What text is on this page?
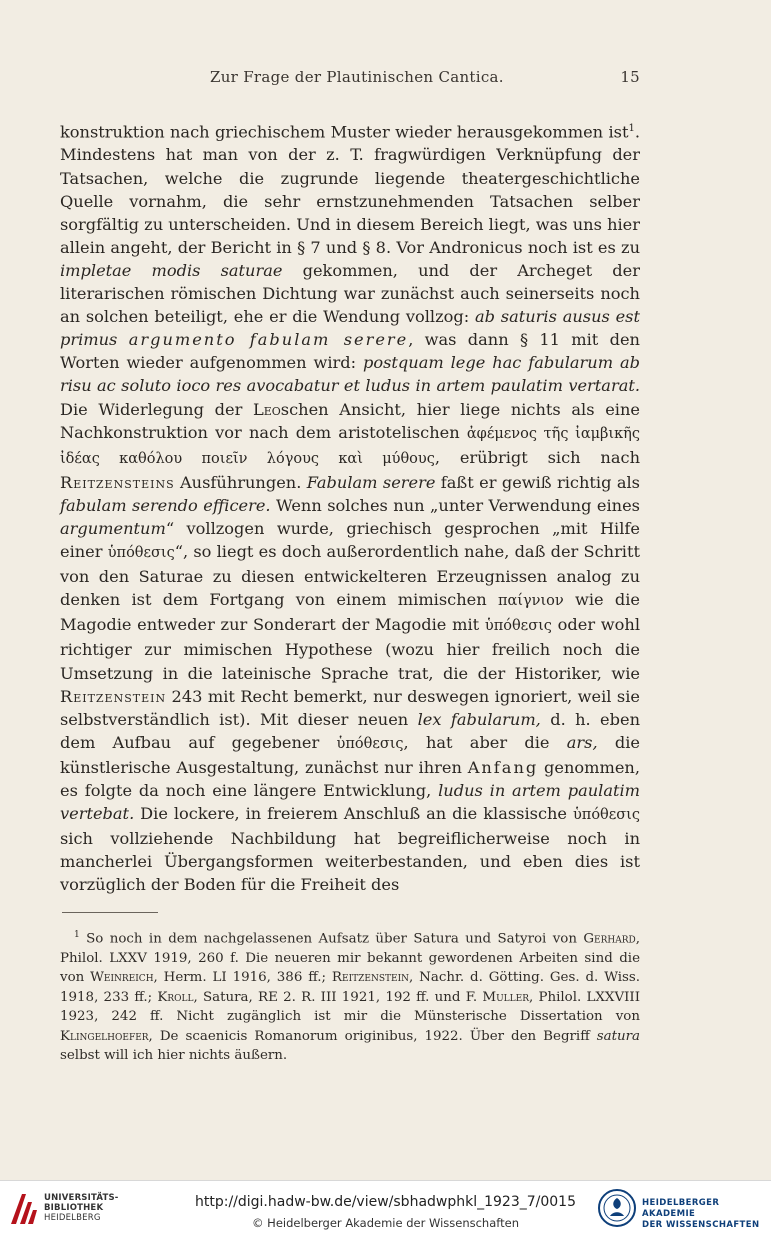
Zur Frage der Plautinischen Cantica.	15

konstruktion nach griechischem Muster wieder herausgekommen ist$^1$. Mindestens hat man von der z. T. fragwürdigen Verknüpfung der Tatsachen, welche die zugrunde liegende theatergeschichtliche Quelle vornahm, die sehr ernstzunehmenden Tatsachen selber sorgfältig zu unterscheiden. Und in diesem Bereich liegt, was uns hier allein angeht, der Bericht in § 7 und § 8. Vor Andronicus noch ist es zu impletae modis saturae gekommen, und der Archeget der literarischen römischen Dichtung war zunächst auch seinerseits noch an solchen beteiligt, ehe er die Wendung vollzog: ab saturis ausus est primus argumento fabulam serere, was dann § 11 mit den Worten wieder aufgenommen wird: postquam lege hac fabularum ab risu ac soluto ioco res avocabatur et ludus in artem paulatim vertarat. Die Widerlegung der Leoschen Ansicht, hier liege nichts als eine Nachkonstruktion vor nach dem aristotelischen ἀφέμενος τῆς ἰαμβικῆς ἰδέας καθόλου ποιεῖν λόγους καὶ μύθους, erübrigt sich nach Reitzensteins Ausführungen. Fabulam serere faßt er gewiß richtig als fabulam serendo efficere. Wenn solches nun „unter Verwendung eines argumentum“ vollzogen wurde, griechisch gesprochen „mit Hilfe einer ὑπόθεσις“, so liegt es doch außerordentlich nahe, daß der Schritt von den Saturae zu diesen entwickelteren Erzeugnissen analog zu denken ist dem Fortgang von einem mimischen παίγνιον wie die Magodie entweder zur Sonderart der Magodie mit ὑπόθεσις oder wohl richtiger zur mimischen Hypothese (wozu hier freilich noch die Umsetzung in die lateinische Sprache trat, die der Historiker, wie Reitzenstein 243 mit Recht bemerkt, nur deswegen ignoriert, weil sie selbstverständlich ist). Mit dieser neuen lex fabularum, d. h. eben dem Aufbau auf gegebener ὑπόθεσις, hat aber die ars, die künstlerische Ausgestaltung, zunächst nur ihren Anfang genommen, es folgte da noch eine längere Entwicklung, ludus in artem paulatim vertebat. Die lockere, in freierem Anschluß an die klassische ὑπόθεσις sich vollziehende Nachbildung hat begreiflicherweise noch in mancherlei Übergangsformen weiterbestanden, und eben dies ist vorzüglich der Boden für die Freiheit des

$^1$ So noch in dem nachgelassenen Aufsatz über Satura und Satyroi von Gerhard, Philol. LXXV 1919, 260 f. Die neueren mir bekannt gewordenen Arbeiten sind die von Weinreich, Herm. LI 1916, 386 ff.; Reitzenstein, Nachr. d. Götting. Ges. d. Wiss. 1918, 233 ff.; Kroll, Satura, RE 2. R. III 1921, 192 ff. und F. Muller, Philol. LXXVIII 1923, 242 ff. Nicht zugänglich ist mir die Münsterische Dissertation von Klingelhoefer, De scaenicis Romanorum originibus, 1922. Über den Begriff satura selbst will ich hier nichts äußern.

UNIVERSITÄTS-
BIBLIOTHEK
HEIDELBERG
http://digi.hadw-bw.de/view/sbhadwphkl_1923_7/0015
© Heidelberger Akademie der Wissenschaften
HEIDELBERGER AKADEMIE
DER WISSENSCHAFTEN
